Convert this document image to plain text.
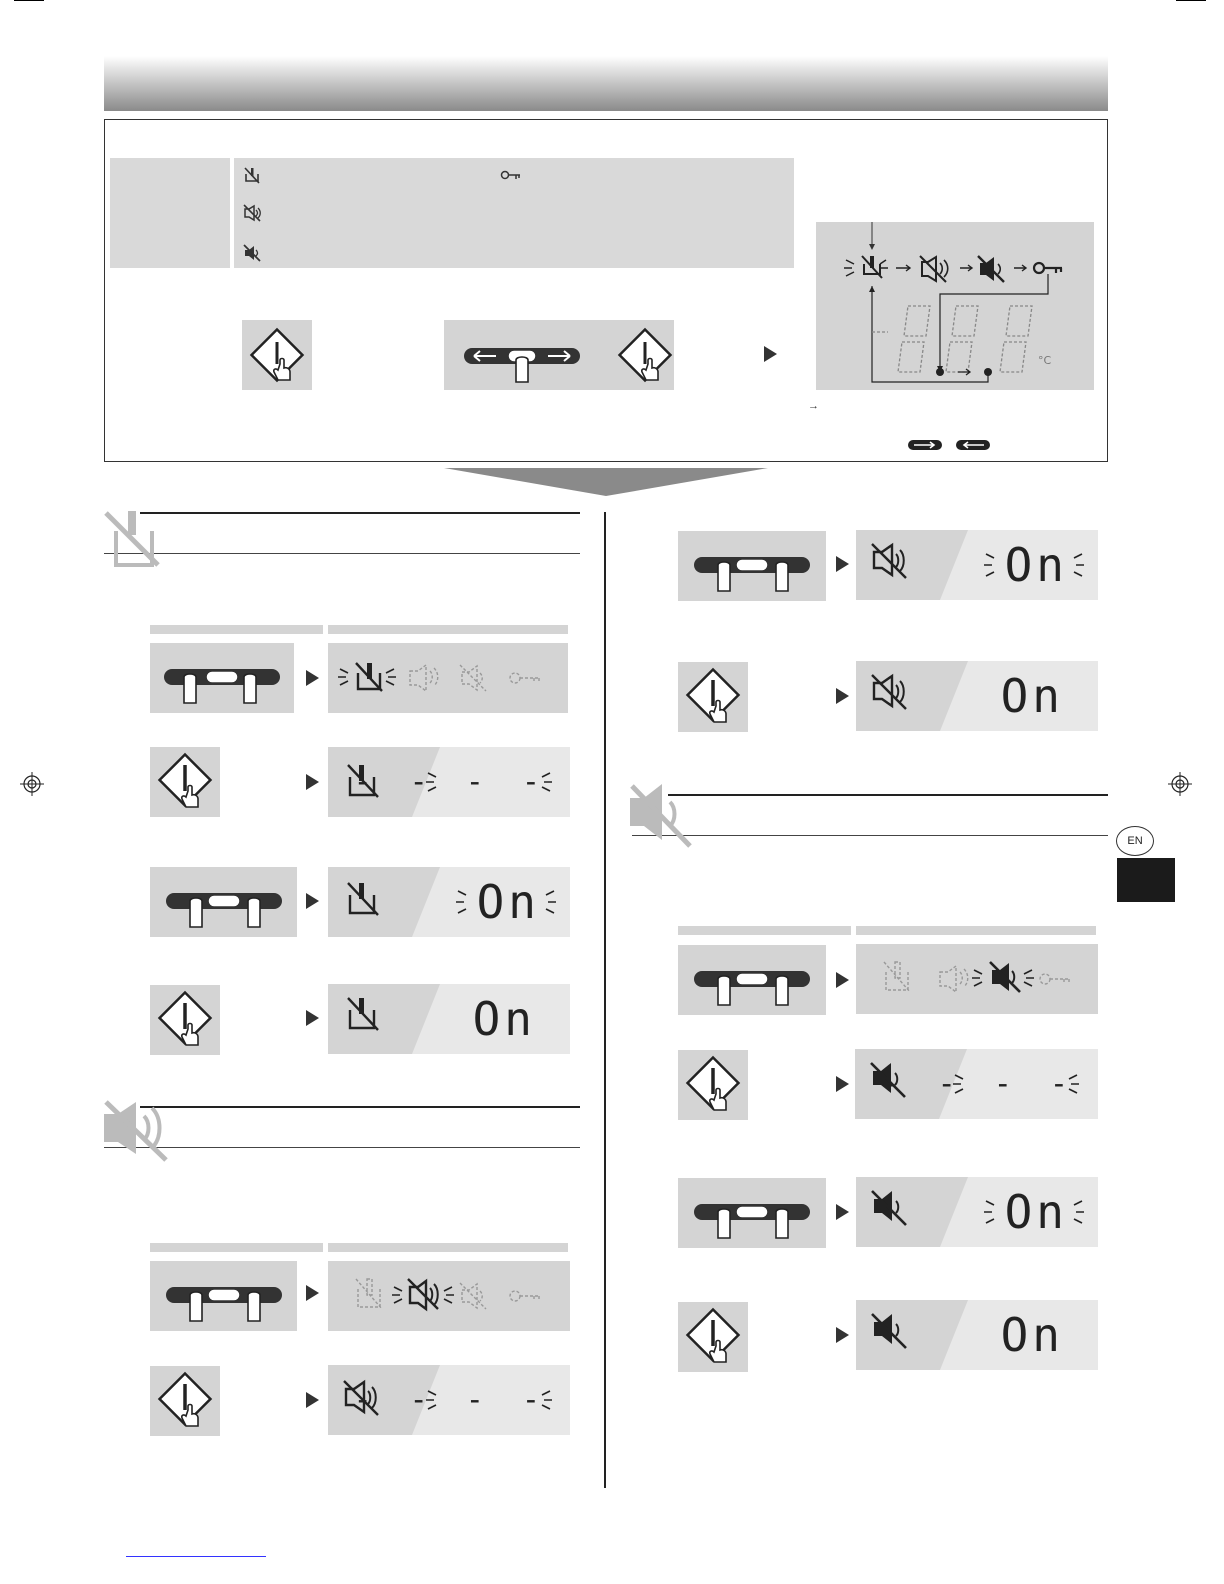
°C
→
- - - -
On
On
- - - -
On
On
- - - -
On
On
EN
